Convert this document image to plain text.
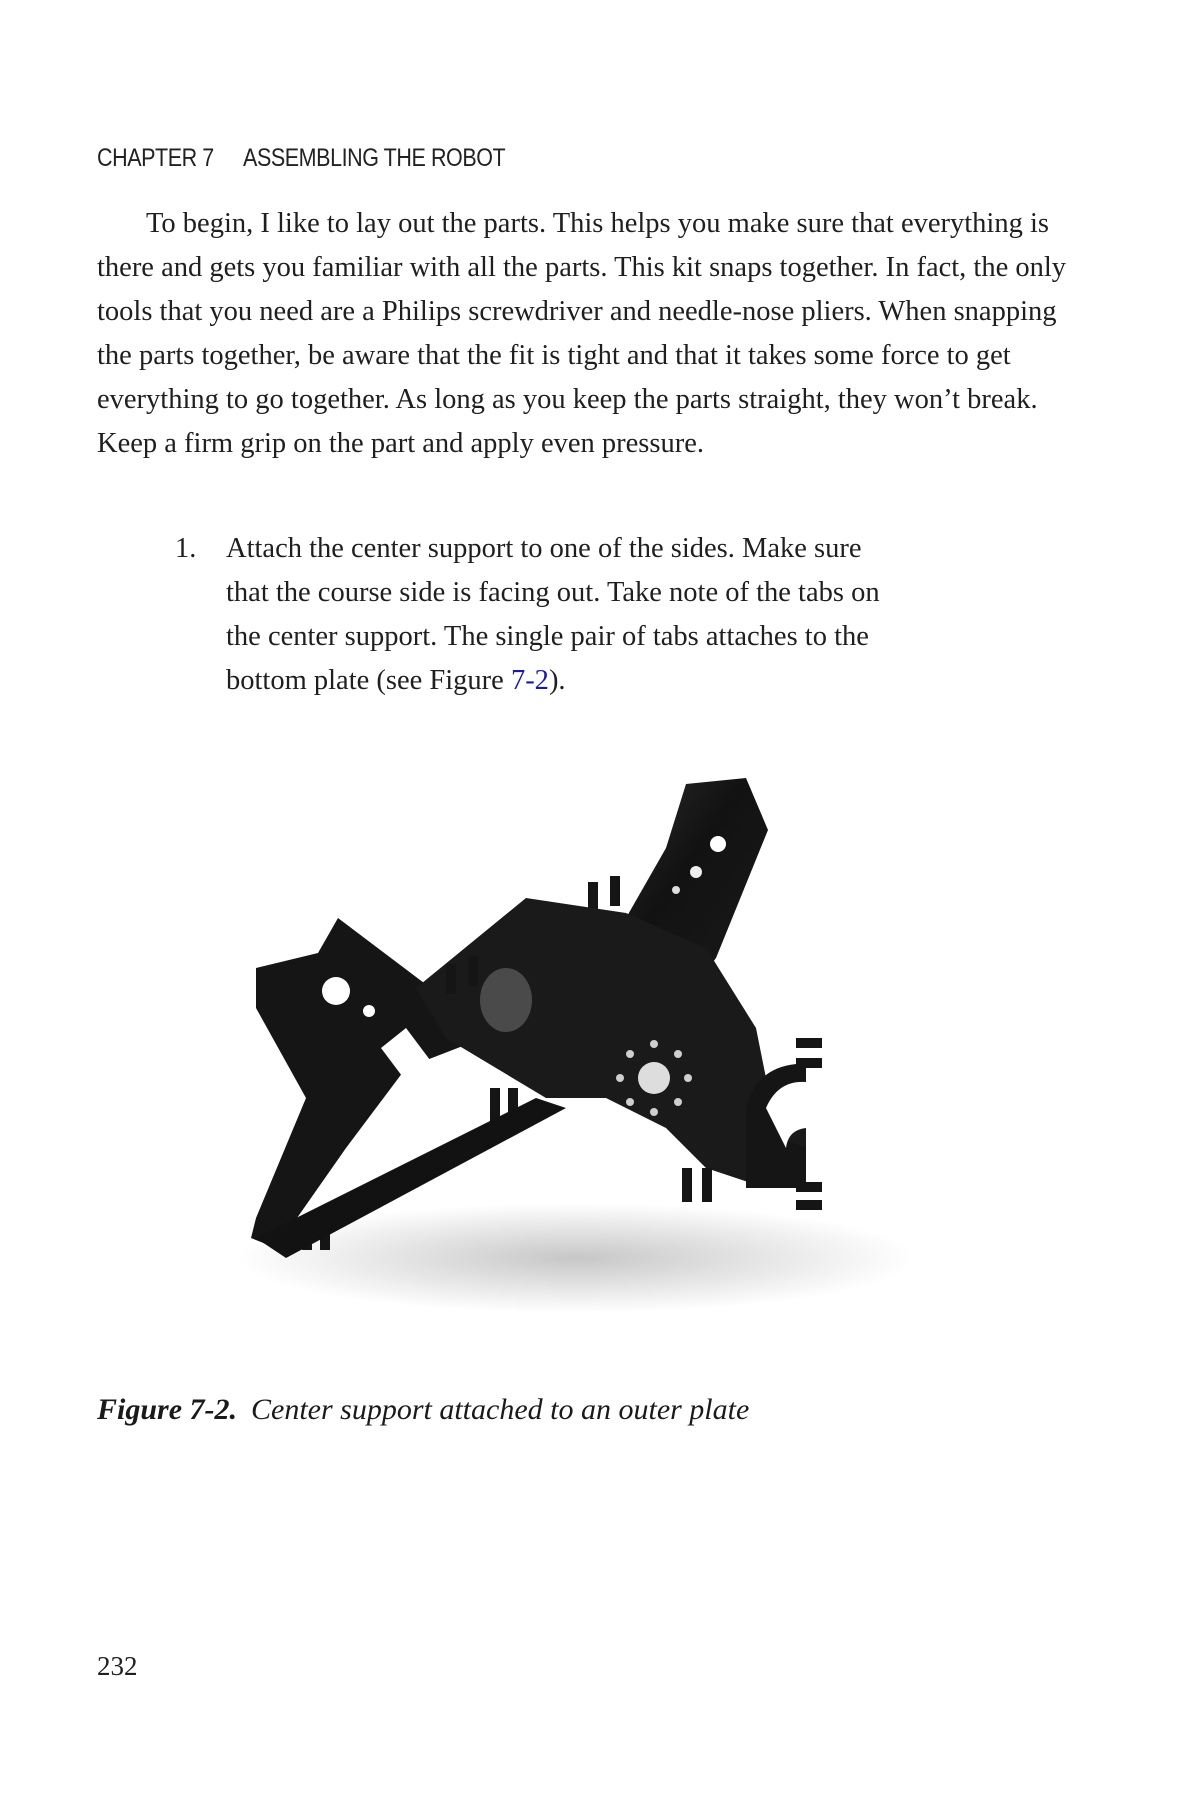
CHAPTER 7 ASSEMBLING THE ROBOT

To begin, I like to lay out the parts. This helps you make sure that everything is there and gets you familiar with all the parts. This kit snaps together. In fact, the only tools that you need are a Philips screwdriver and needle-nose pliers. When snapping the parts together, be aware that the fit is tight and that it takes some force to get everything to go together. As long as you keep the parts straight, they won’t break. Keep a firm grip on the part and apply even pressure.

1. Attach the center support to one of the sides. Make sure that the course side is facing out. Take note of the tabs on the center support. The single pair of tabs attaches to the bottom plate (see Figure 7-2).
Figure 7-2. Center support attached to an outer plate
232
